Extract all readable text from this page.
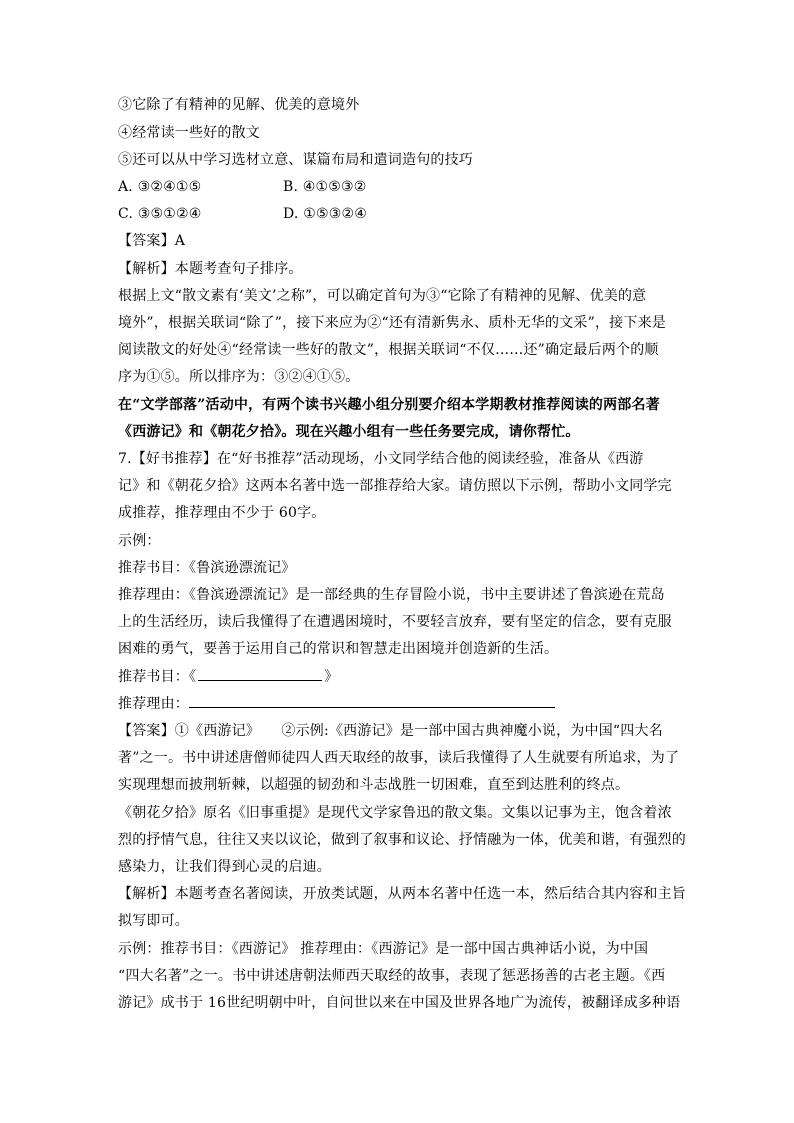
③它除了有精神的见解、优美的意境外
④经常读一些好的散文
⑤还可以从中学习选材立意、谋篇布局和遣词造句的技巧
A. ③②④①⑤	B. ④①⑤③②
C. ③⑤①②④	D. ①⑤③②④
【答案】A
【解析】本题考查句子排序。
根据上文“散文素有‘美文’之称”，可以确定首句为③“它除了有精神的见解、优美的意
境外”，根据关联词“除了”，接下来应为②“还有清新隽永、质朴无华的文采”，接下来是
阅读散文的好处④“经常读一些好的散文”，根据关联词“不仅……还”确定最后两个的顺
序为①⑤。所以排序为：③②④①⑤。
在“文学部落”活动中，有两个读书兴趣小组分别要介绍本学期教材推荐阅读的两部名著
《西游记》和《朝花夕拾》。现在兴趣小组有一些任务要完成，请你帮忙。
7.【好书推荐】在“好书推荐”活动现场，小文同学结合他的阅读经验，准备从《西游
记》和《朝花夕拾》这两本名著中选一部推荐给大家。请仿照以下示例，帮助小文同学完
成推荐，推荐理由不少于 60字。
示例：
推荐书目：《鲁滨逊漂流记》
推荐理由：《鲁滨逊漂流记》是一部经典的生存冒险小说，书中主要讲述了鲁滨逊在荒岛
上的生活经历，读后我懂得了在遭遇困境时，不要轻言放弃，要有坚定的信念，要有克服
困难的勇气，要善于运用自己的常识和智慧走出困境并创造新的生活。
推荐书目：《	》
推荐理由：
【答案】①《西游记》　　②示例:《西游记》是一部中国古典神魔小说，为中国“四大名
著”之一。书中讲述唐僧师徒四人西天取经的故事，读后我懂得了人生就要有所追求，为了
实现理想而披荆斩棘，以超强的韧劲和斗志战胜一切困难，直至到达胜利的终点。
《朝花夕拾》原名《旧事重提》是现代文学家鲁迅的散文集。文集以记事为主，饱含着浓
烈的抒情气息，往往又夹以议论，做到了叙事和议论、抒情融为一体，优美和谐，有强烈的
感染力，让我们得到心灵的启迪。
【解析】本题考查名著阅读，开放类试题，从两本名著中任选一本，然后结合其内容和主旨
拟写即可。
示例：推荐书目：《西游记》 推荐理由：《西游记》是一部中国古典神话小说，为中国
“四大名著”之一。书中讲述唐朝法师西天取经的故事，表现了惩恶扬善的古老主题。《西
游记》成书于 16世纪明朝中叶，自问世以来在中国及世界各地广为流传，被翻译成多种语
